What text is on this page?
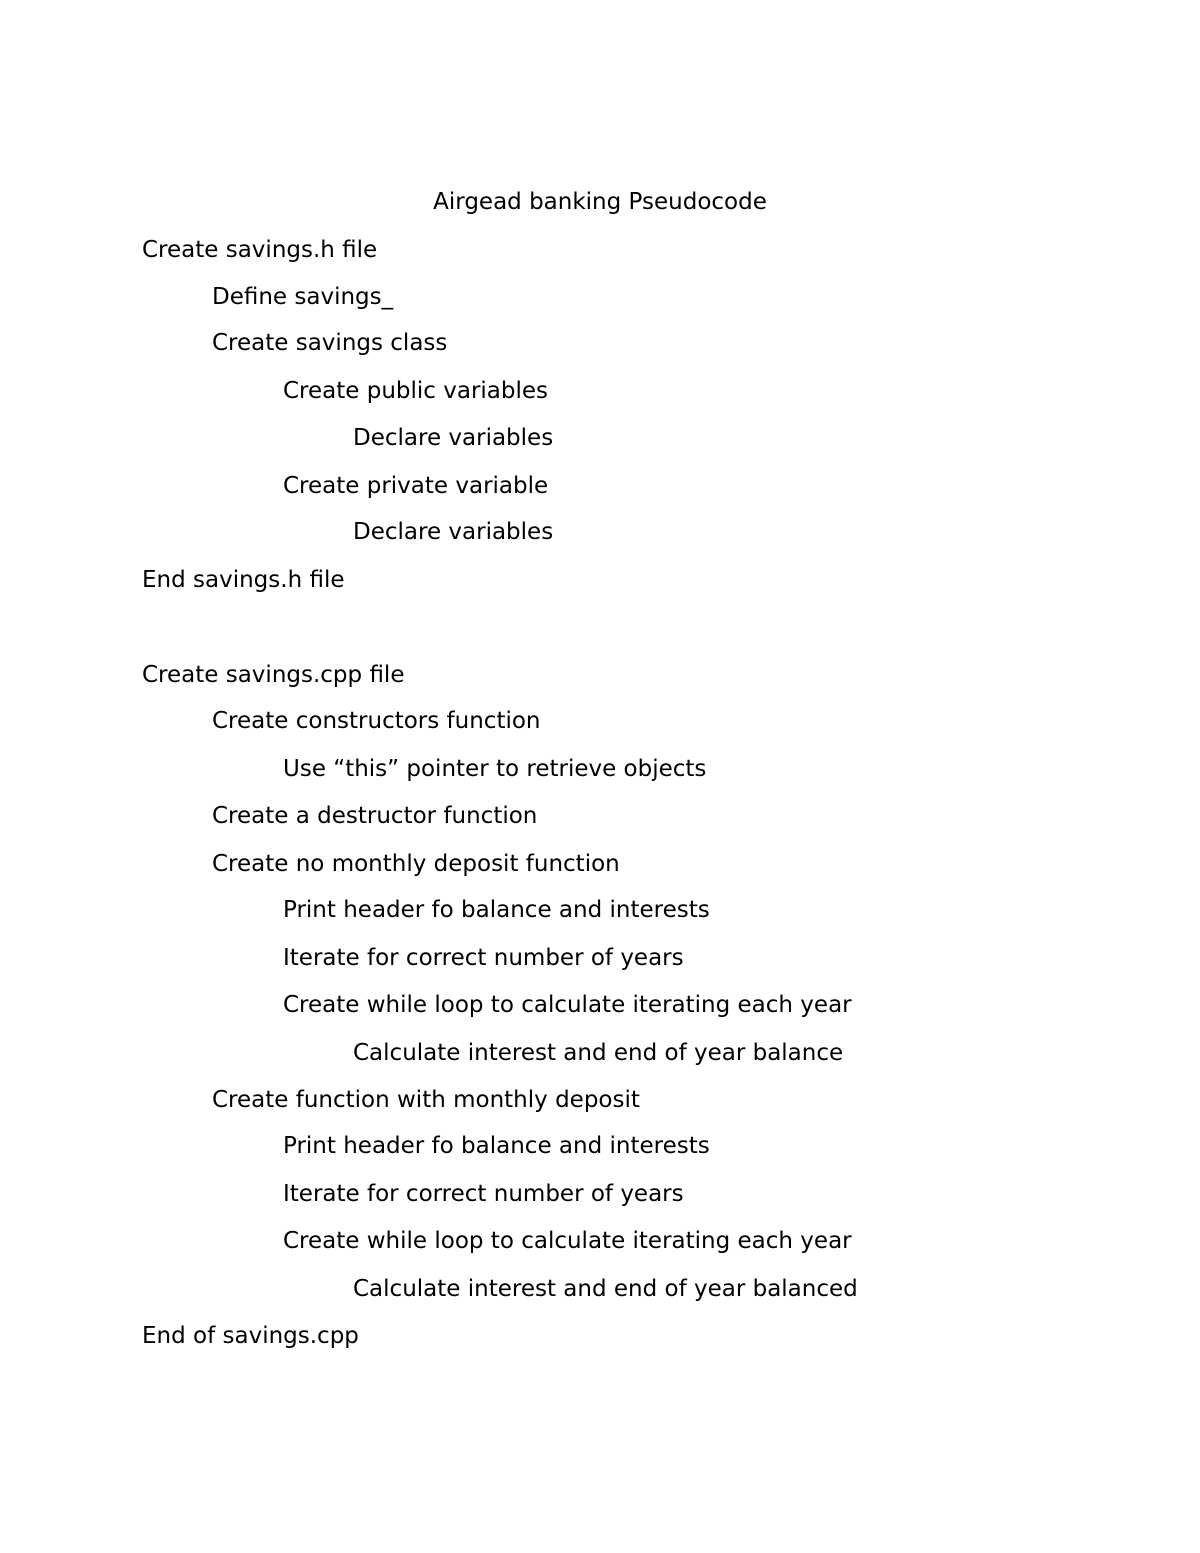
Airgead banking Pseudocode
Create savings.h file
Define savings_
Create savings class
Create public variables
Declare variables
Create private variable
Declare variables
End savings.h file
Create savings.cpp file
Create constructors function
Use “this” pointer to retrieve objects
Create a destructor function
Create no monthly deposit function
Print header fo balance and interests
Iterate for correct number of years
Create while loop to calculate iterating each year
Calculate interest and end of year balance
Create function with monthly deposit
Print header fo balance and interests
Iterate for correct number of years
Create while loop to calculate iterating each year
Calculate interest and end of year balanced
End of savings.cpp
